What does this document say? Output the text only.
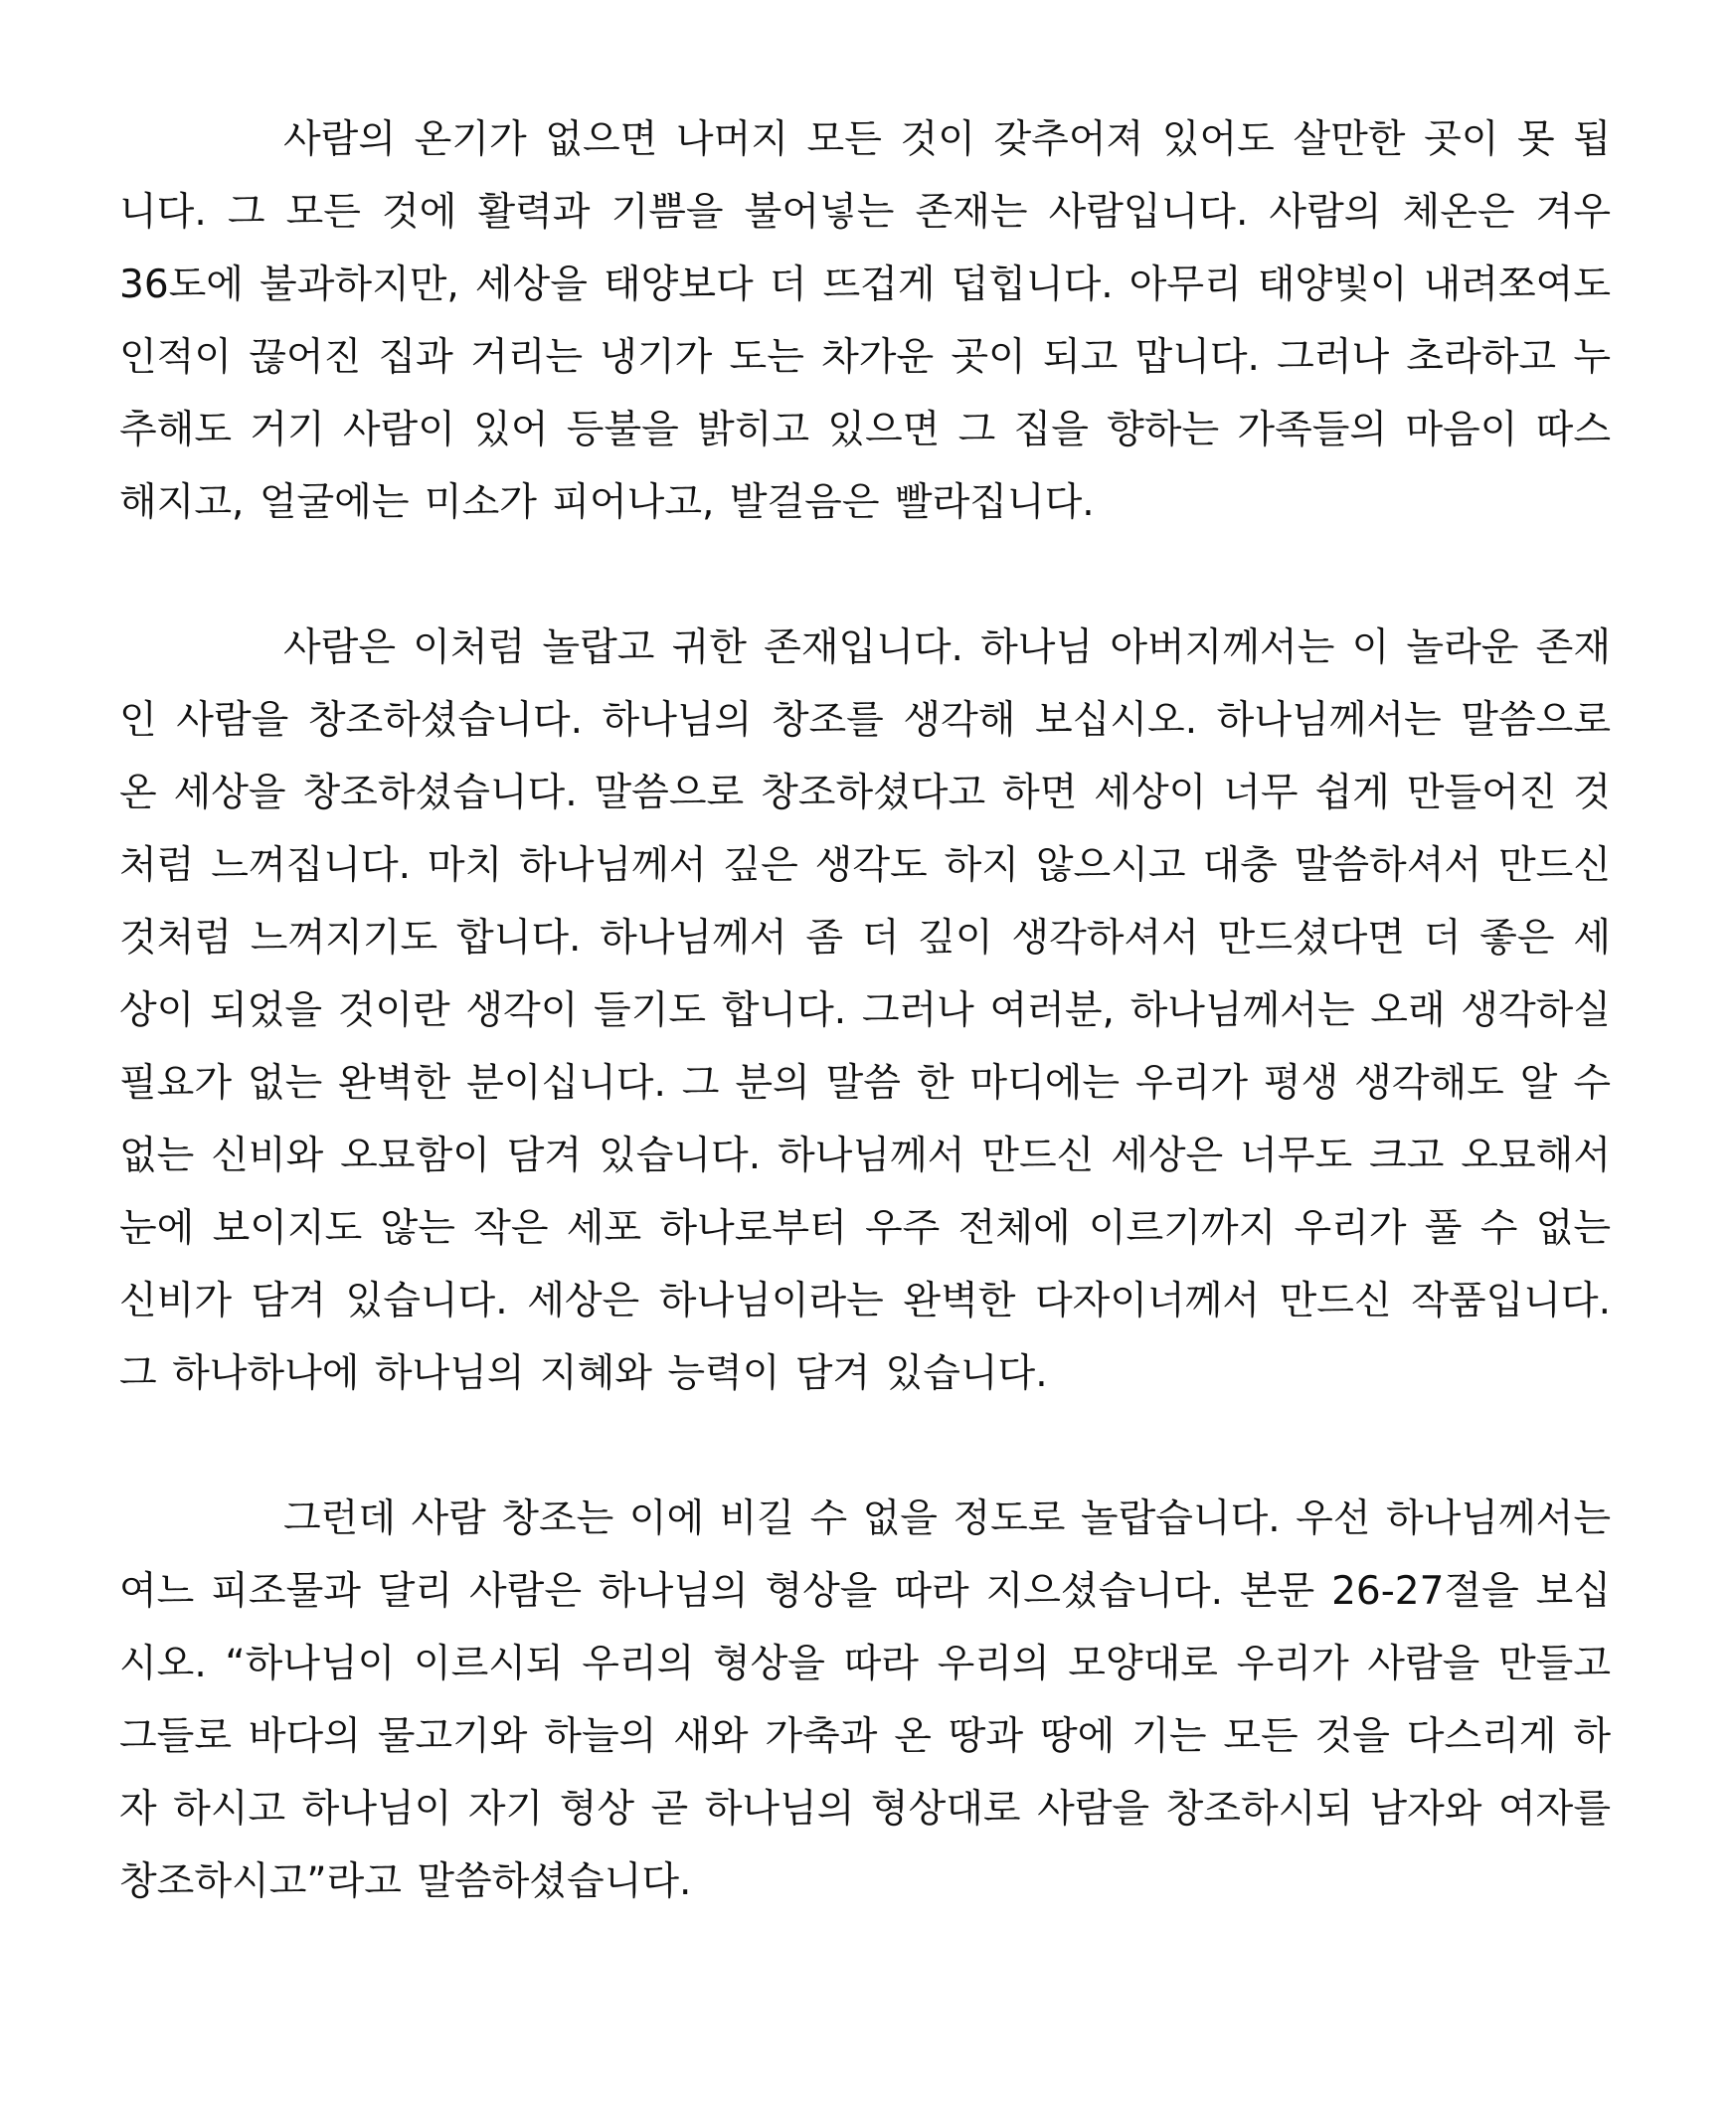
사람의 온기가 없으면 나머지 모든 것이 갖추어져 있어도 살만한 곳이 못 됩니다. 그 모든 것에 활력과 기쁨을 불어넣는 존재는 사람입니다. 사람의 체온은 겨우 36도에 불과하지만, 세상을 태양보다 더 뜨겁게 덥힙니다. 아무리 태양빛이 내려쪼여도 인적이 끊어진 집과 거리는 냉기가 도는 차가운 곳이 되고 맙니다. 그러나 초라하고 누추해도 거기 사람이 있어 등불을 밝히고 있으면 그 집을 향하는 가족들의 마음이 따스해지고, 얼굴에는 미소가 피어나고, 발걸음은 빨라집니다.

사람은 이처럼 놀랍고 귀한 존재입니다. 하나님 아버지께서는 이 놀라운 존재인 사람을 창조하셨습니다. 하나님의 창조를 생각해 보십시오. 하나님께서는 말씀으로 온 세상을 창조하셨습니다. 말씀으로 창조하셨다고 하면 세상이 너무 쉽게 만들어진 것처럼 느껴집니다. 마치 하나님께서 깊은 생각도 하지 않으시고 대충 말씀하셔서 만드신 것처럼 느껴지기도 합니다. 하나님께서 좀 더 깊이 생각하셔서 만드셨다면 더 좋은 세상이 되었을 것이란 생각이 들기도 합니다. 그러나 여러분, 하나님께서는 오래 생각하실 필요가 없는 완벽한 분이십니다. 그 분의 말씀 한 마디에는 우리가 평생 생각해도 알 수 없는 신비와 오묘함이 담겨 있습니다. 하나님께서 만드신 세상은 너무도 크고 오묘해서 눈에 보이지도 않는 작은 세포 하나로부터 우주 전체에 이르기까지 우리가 풀 수 없는 신비가 담겨 있습니다. 세상은 하나님이라는 완벽한 다자이너께서 만드신 작품입니다. 그 하나하나에 하나님의 지혜와 능력이 담겨 있습니다.

그런데 사람 창조는 이에 비길 수 없을 정도로 놀랍습니다. 우선 하나님께서는 여느 피조물과 달리 사람은 하나님의 형상을 따라 지으셨습니다. 본문 26-27절을 보십시오. “하나님이 이르시되 우리의 형상을 따라 우리의 모양대로 우리가 사람을 만들고 그들로 바다의 물고기와 하늘의 새와 가축과 온 땅과 땅에 기는 모든 것을 다스리게 하자 하시고 하나님이 자기 형상 곧 하나님의 형상대로 사람을 창조하시되 남자와 여자를 창조하시고”라고 말씀하셨습니다.
